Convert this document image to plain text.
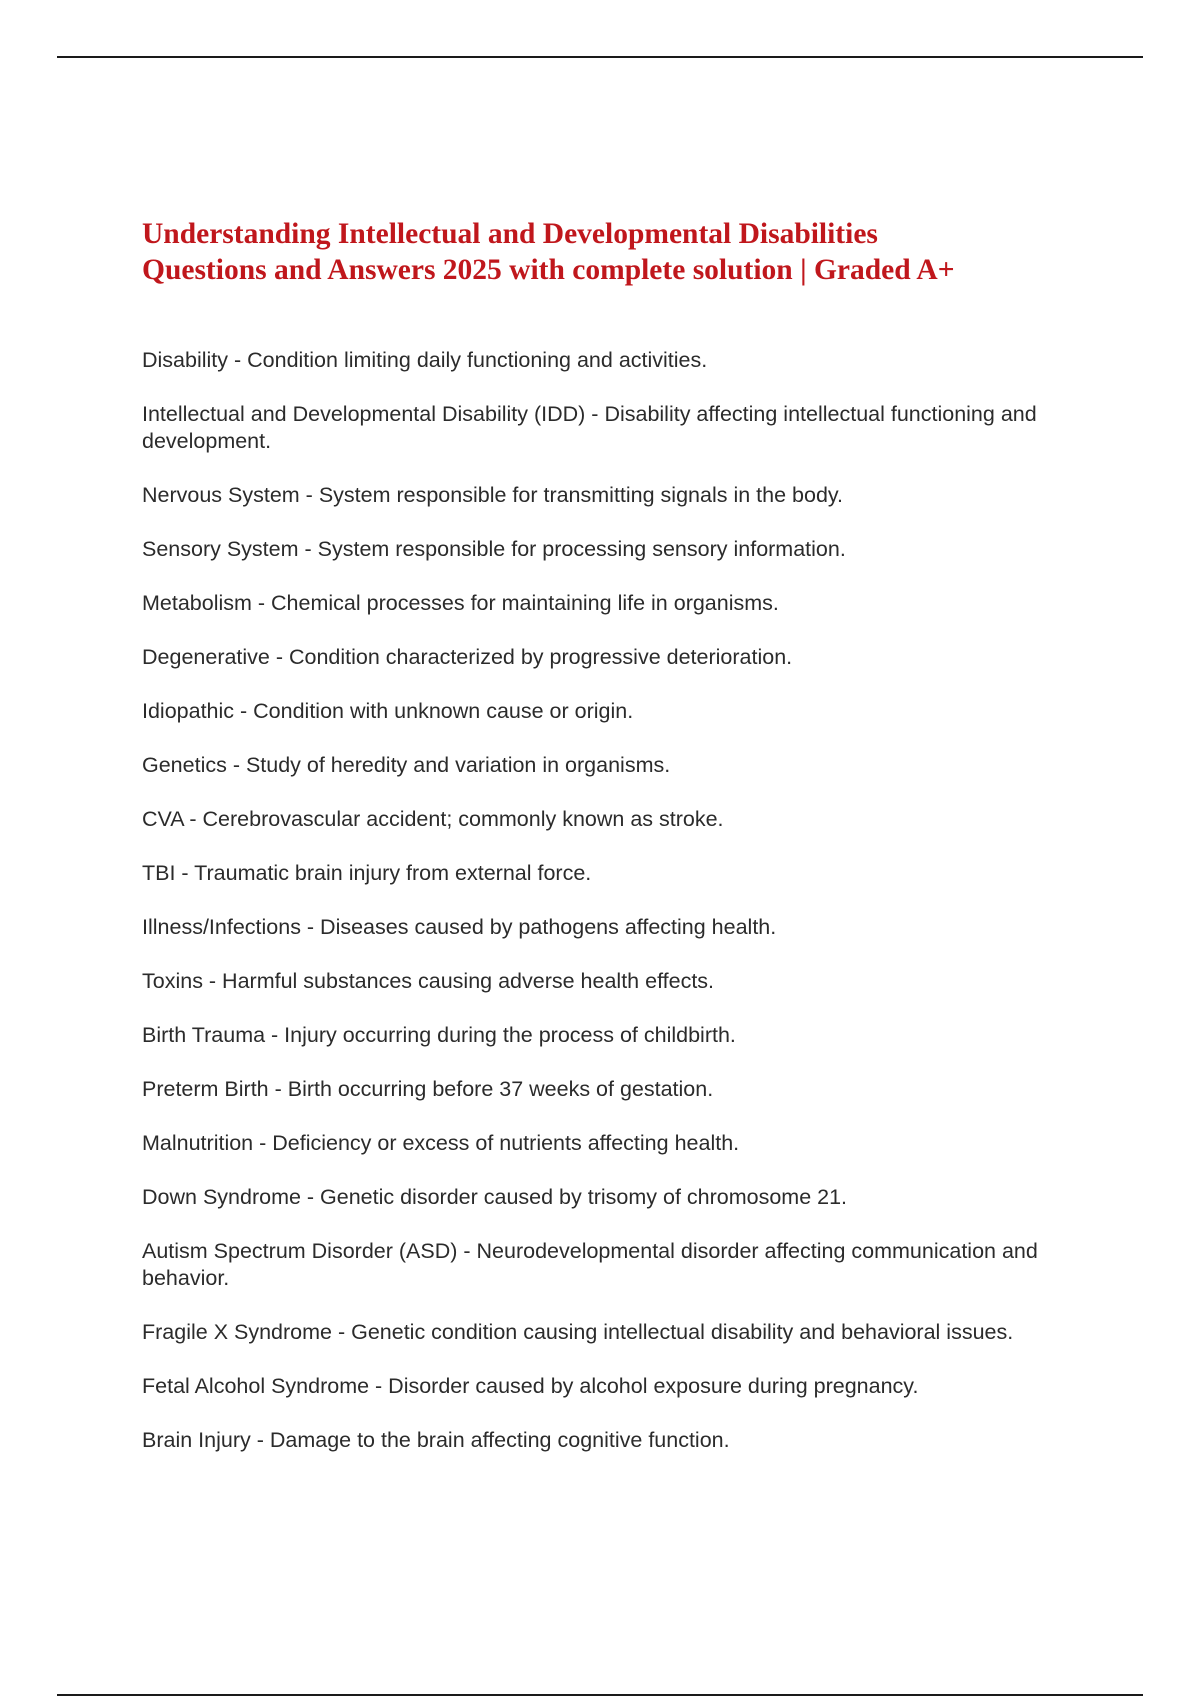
Understanding Intellectual and Developmental Disabilities
Questions and Answers 2025 with complete solution | Graded A+
Disability - Condition limiting daily functioning and activities.
Intellectual and Developmental Disability (IDD) - Disability affecting intellectual functioning and development.
Nervous System - System responsible for transmitting signals in the body.
Sensory System - System responsible for processing sensory information.
Metabolism - Chemical processes for maintaining life in organisms.
Degenerative - Condition characterized by progressive deterioration.
Idiopathic - Condition with unknown cause or origin.
Genetics - Study of heredity and variation in organisms.
CVA - Cerebrovascular accident; commonly known as stroke.
TBI - Traumatic brain injury from external force.
Illness/Infections - Diseases caused by pathogens affecting health.
Toxins - Harmful substances causing adverse health effects.
Birth Trauma - Injury occurring during the process of childbirth.
Preterm Birth - Birth occurring before 37 weeks of gestation.
Malnutrition - Deficiency or excess of nutrients affecting health.
Down Syndrome - Genetic disorder caused by trisomy of chromosome 21.
Autism Spectrum Disorder (ASD) - Neurodevelopmental disorder affecting communication and behavior.
Fragile X Syndrome - Genetic condition causing intellectual disability and behavioral issues.
Fetal Alcohol Syndrome - Disorder caused by alcohol exposure during pregnancy.
Brain Injury - Damage to the brain affecting cognitive function.
